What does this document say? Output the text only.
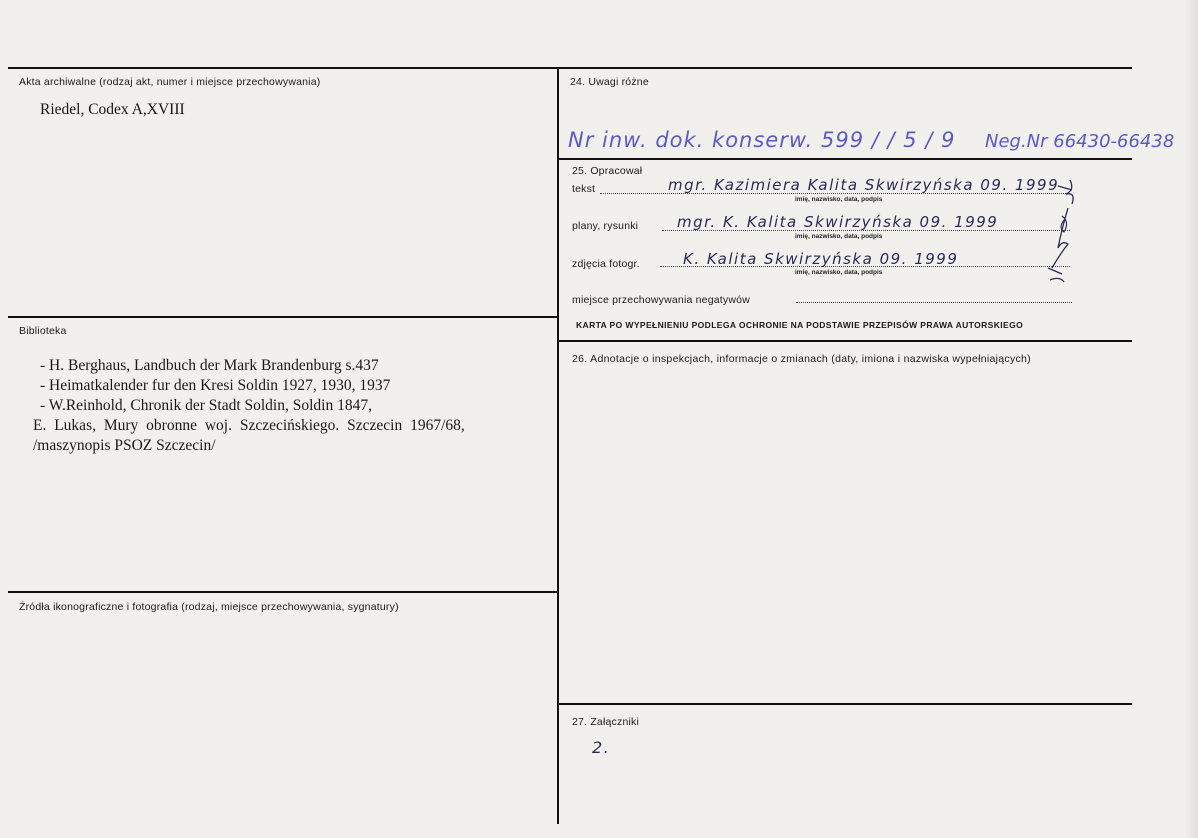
Akta archiwalne (rodzaj akt, numer i miejsce przechowywania)
Riedel, Codex A,XVIII
Biblioteka
- H. Berghaus, Landbuch der Mark Brandenburg s.437
- Heimatkalender fur den Kresi Soldin 1927, 1930, 1937
- W.Reinhold, Chronik der Stadt Soldin, Soldin 1847,
E. Lukas, Mury obronne woj. Szczecińskiego. Szczecin 1967/68,
/maszynopis PSOZ Szczecin/
Źródła ikonograficzne i fotografia (rodzaj, miejsce przechowywania, sygnatury)
24. Uwagi różne
Nr inw. dok. konserw. 599 / / 5 / 9 Neg.Nr 66430-66438
25. Opracował
tekst	mgr. Kazimiera Kalita Skwirzyńska 09. 1999
imię, nazwisko, data, podpis
plany, rysunki	mgr. K. Kalita Skwirzyńska 09. 1999
imię, nazwisko, data, podpis
zdjęcia fotogr.	K. Kalita Skwirzyńska 09. 1999
imię, nazwisko, data, podpis
miejsce przechowywania negatywów
KARTA PO WYPEŁNIENIU PODLEGA OCHRONIE NA PODSTAWIE PRZEPISÓW PRAWA AUTORSKIEGO
26. Adnotacje o inspekcjach, informacje o zmianach (daty, imiona i nazwiska wypełniających)
27. Załączniki
2.
